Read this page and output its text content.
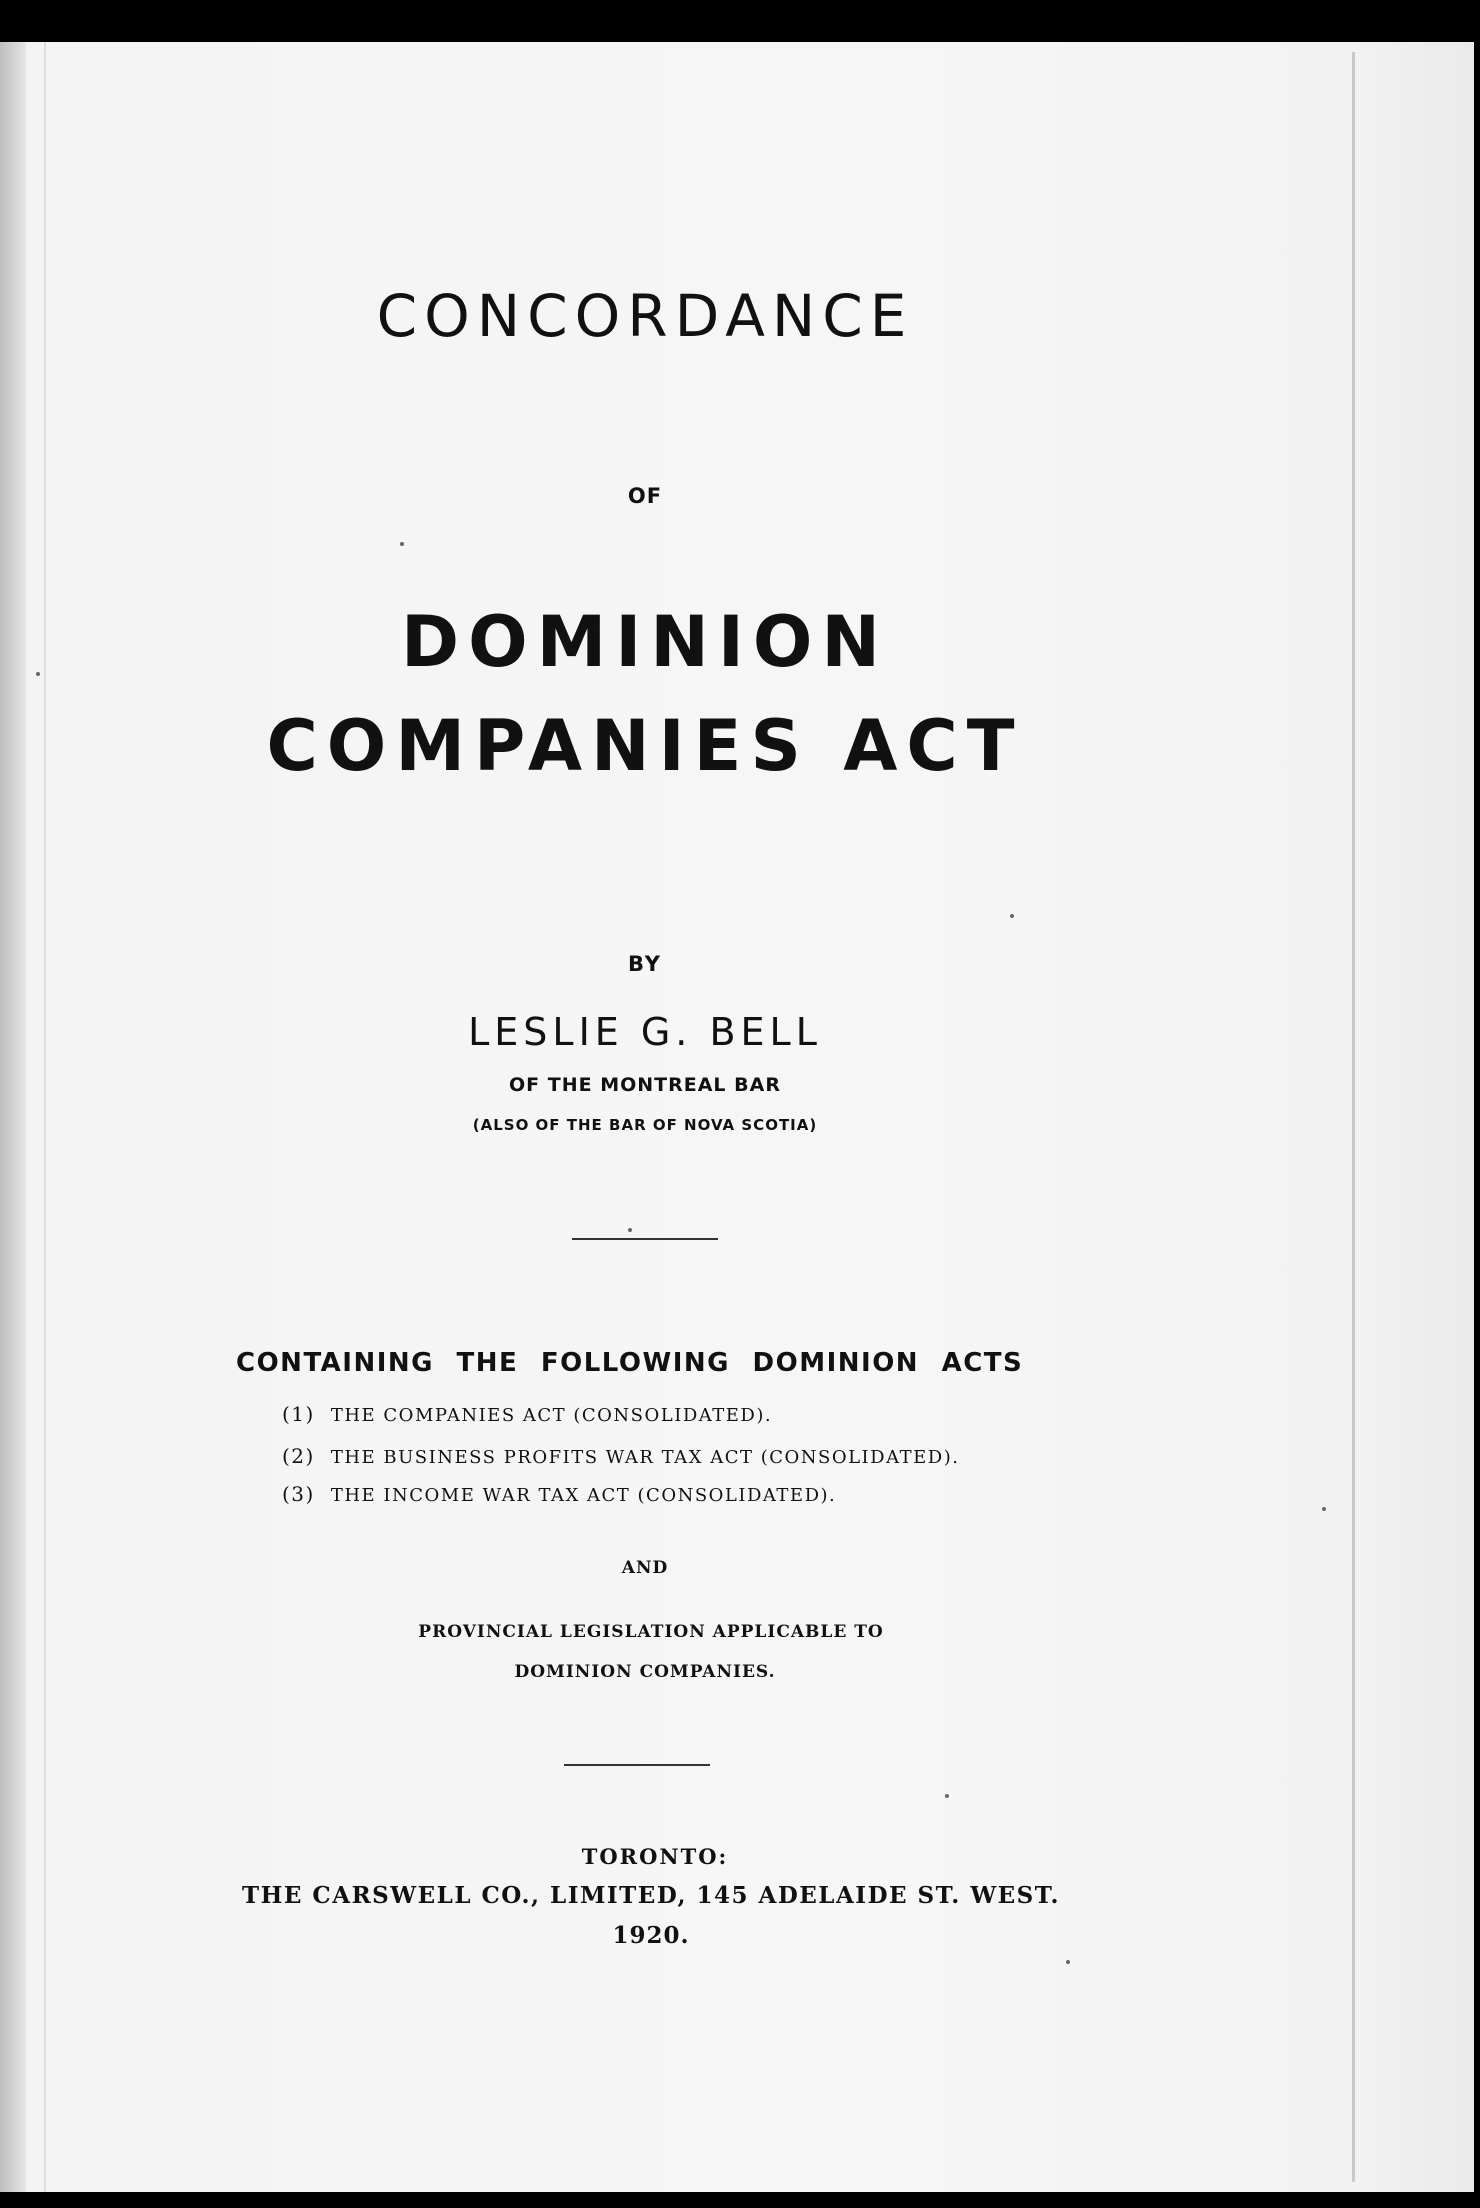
CONCORDANCE
OF
DOMINION
COMPANIES ACT
BY
LESLIE G. BELL
OF THE MONTREAL BAR
(ALSO OF THE BAR OF NOVA SCOTIA)
CONTAINING THE FOLLOWING DOMINION ACTS
(1) THE COMPANIES ACT (CONSOLIDATED).
(2) THE BUSINESS PROFITS WAR TAX ACT (CONSOLIDATED).
(3) THE INCOME WAR TAX ACT (CONSOLIDATED).
AND
PROVINCIAL LEGISLATION APPLICABLE TO
DOMINION COMPANIES.
TORONTO:
THE CARSWELL CO., LIMITED, 145 ADELAIDE ST. WEST.
1920.
